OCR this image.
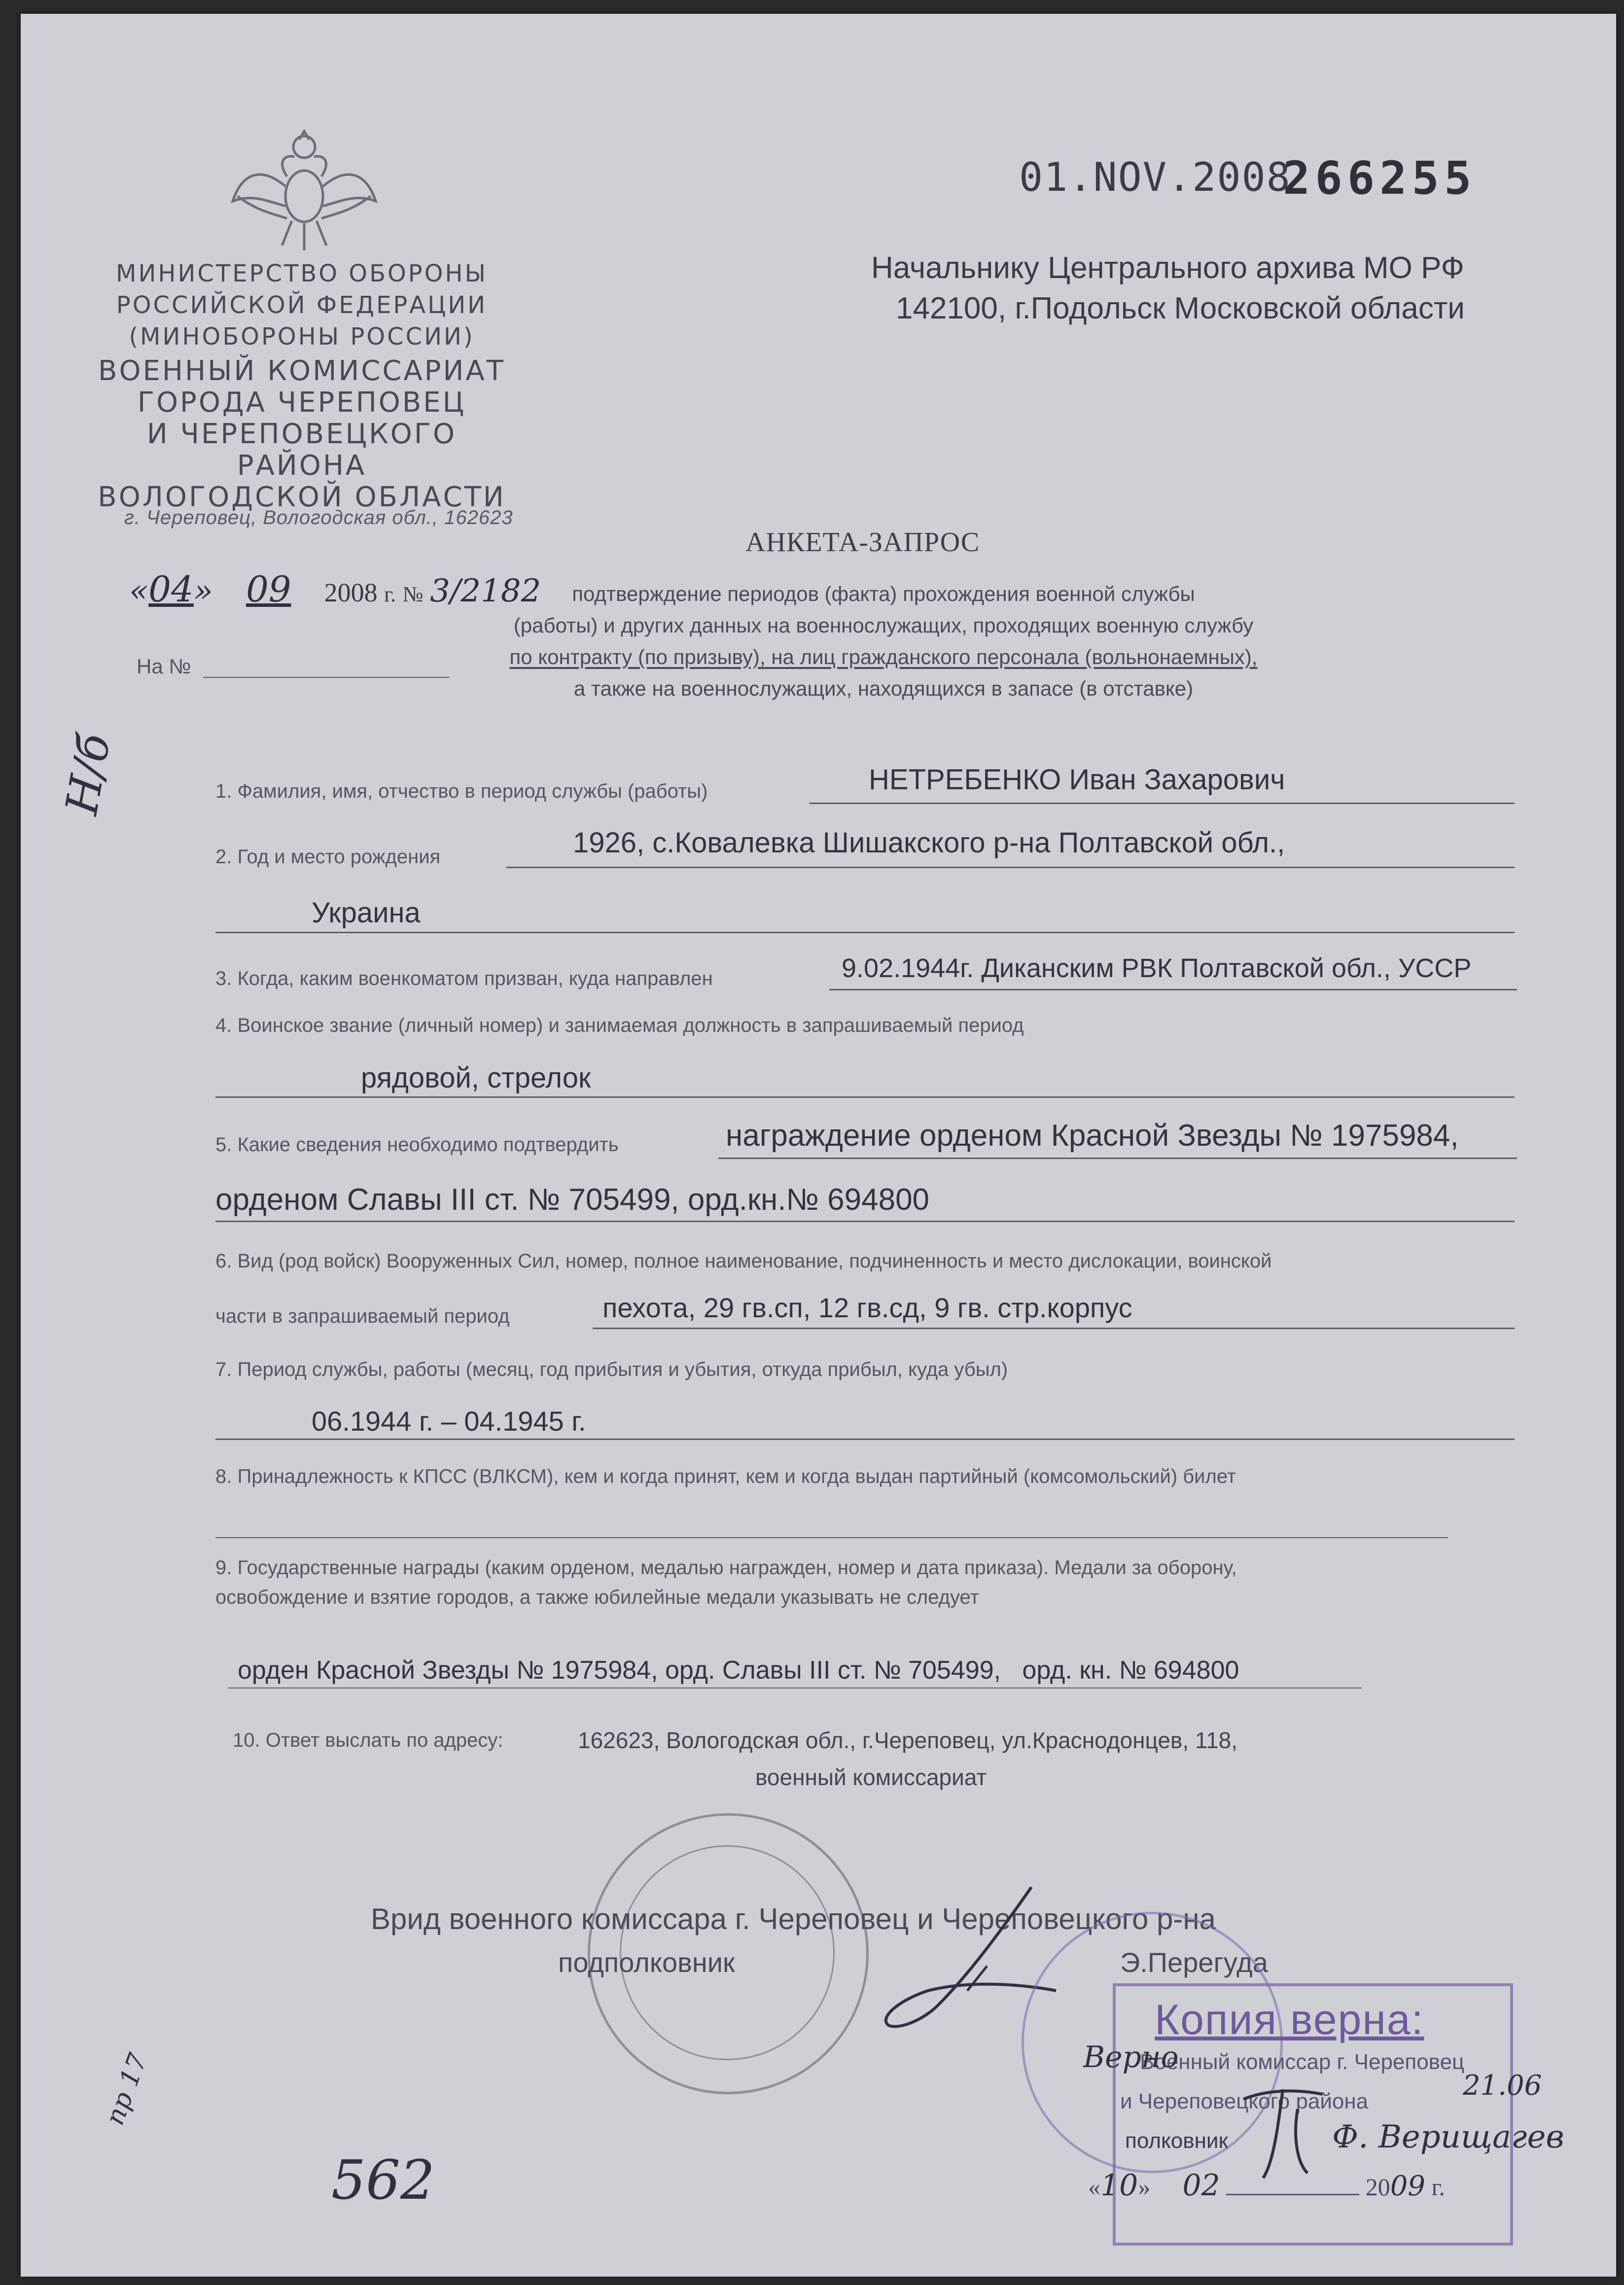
01.NOV.2008
266255
МИНИСТЕРСТВО ОБОРОНЫ
РОССИЙСКОЙ ФЕДЕРАЦИИ
(МИНОБОРОНЫ РОССИИ)
ВОЕННЫЙ КОМИССАРИАТ
ГОРОДА ЧЕРЕПОВЕЦ
И ЧЕРЕПОВЕЦКОГО РАЙОНА
ВОЛОГОДСКОЙ ОБЛАСТИ
г. Череповец, Вологодская обл., 162623
Начальнику Центрального архива МО РФ
142100, г.Подольск Московской области
АНКЕТА-ЗАПРОС
«04» 09 2008 г. № 3/2182
На №
подтверждение периодов (факта) прохождения военной службы
(работы) и других данных на военнослужащих, проходящих военную службу
по контракту (по призыву), на лиц гражданского персонала (вольнонаемных),
а также на военнослужащих, находящихся в запасе (в отставке)
1. Фамилия, имя, отчество в период службы (работы)	НЕТРЕБЕНКО Иван Захарович
2. Год и место рождения	1926, с.Ковалевка Шишакского р-на Полтавской обл.,
Украина
3. Когда, каким военкоматом призван, куда направлен	9.02.1944г. Диканским РВК Полтавской обл., УССР
4. Воинское звание (личный номер) и занимаемая должность в запрашиваемый период
рядовой, стрелок
5. Какие сведения необходимо подтвердить	награждение орденом Красной Звезды № 1975984,
орденом Славы III ст. № 705499, орд.кн.№ 694800
6. Вид (род войск) Вооруженных Сил, номер, полное наименование, подчиненность и место дислокации, воинской
части в запрашиваемый период	пехота, 29 гв.сп, 12 гв.сд, 9 гв. стр.корпус
7. Период службы, работы (месяц, год прибытия и убытия, откуда прибыл, куда убыл)
06.1944 г. – 04.1945 г.
8. Принадлежность к КПСС (ВЛКСМ), кем и когда принят, кем и когда выдан партийный (комсомольский) билет
9. Государственные награды (каким орденом, медалью награжден, номер и дата приказа). Медали за оборону,
освобождение и взятие городов, а также юбилейные медали указывать не следует
орден Красной Звезды № 1975984, орд. Славы III ст. № 705499,   орд. кн. № 694800
10. Ответ выслать по адресу:	162623, Вологодская обл., г.Череповец, ул.Краснодонцев, 118,
военный комиссариат
Врид военного комиссара г. Череповец и Череповецкого р-на
подполковник	Э.Перегуда
Копия верна:
Военный комиссар г. Череповец
и Череповецкого района
полковник	Ф. Верищагев
«10» 02	2009 г.
Верно
21.06
Н/б
562
пр 17
